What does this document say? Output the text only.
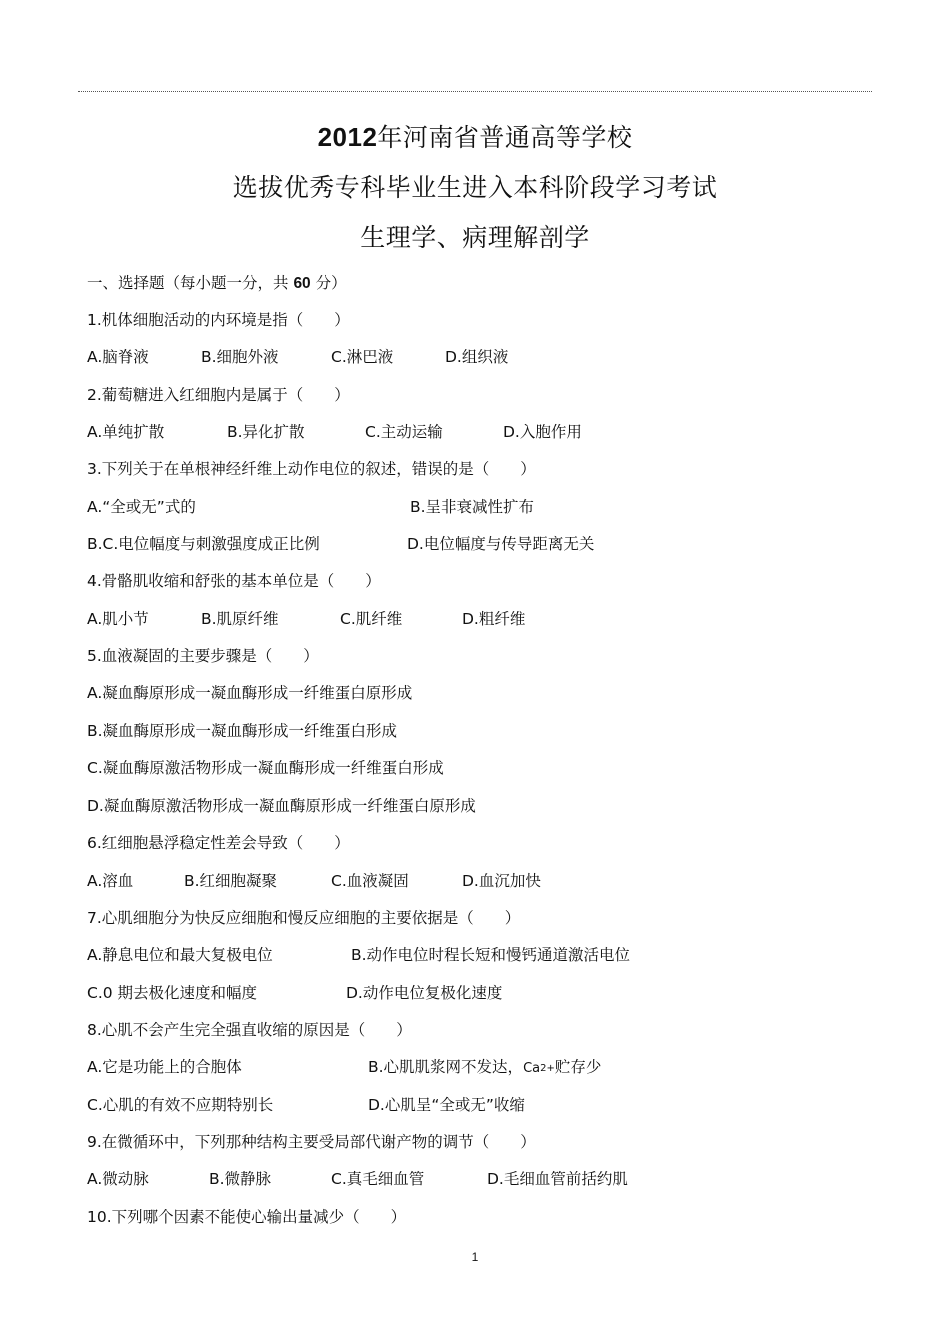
2012年河南省普通高等学校
选拔优秀专科毕业生进入本科阶段学习考试
生理学、病理解剖学
一、选择题（每小题一分，共 60 分）
1.机体细胞活动的内环境是指（　　）
A.脑脊液	B.细胞外液	C.淋巴液	D.组织液
2.葡萄糖进入红细胞内是属于（　　）
A.单纯扩散	B.异化扩散	C.主动运输	D.入胞作用
3.下列关于在单根神经纤维上动作电位的叙述，错误的是（　　）
A.“全或无”式的	B.呈非衰减性扩布
B.C.电位幅度与刺激强度成正比例	D.电位幅度与传导距离无关
4.骨骼肌收缩和舒张的基本单位是（　　）
A.肌小节	B.肌原纤维	C.肌纤维	D.粗纤维
5.血液凝固的主要步骤是（　　）
A.凝血酶原形成一凝血酶形成一纤维蛋白原形成
B.凝血酶原形成一凝血酶形成一纤维蛋白形成
C.凝血酶原激活物形成一凝血酶形成一纤维蛋白形成
D.凝血酶原激活物形成一凝血酶原形成一纤维蛋白原形成
6.红细胞悬浮稳定性差会导致（　　）
A.溶血	B.红细胞凝聚	C.血液凝固	D.血沉加快
7.心肌细胞分为快反应细胞和慢反应细胞的主要依据是（　　）
A.静息电位和最大复极电位	B.动作电位时程长短和慢钙通道激活电位
C.0 期去极化速度和幅度	D.动作电位复极化速度
8.心肌不会产生完全强直收缩的原因是（　　）
A.它是功能上的合胞体	B.心肌肌浆网不发达，$Ca^{2+}$贮存少
C.心肌的有效不应期特别长	D.心肌呈“全或无”收缩
9.在微循环中，下列那种结构主要受局部代谢产物的调节（　　）
A.微动脉	B.微静脉	C.真毛细血管	D.毛细血管前括约肌
10.下列哪个因素不能使心输出量减少（　　）
1
